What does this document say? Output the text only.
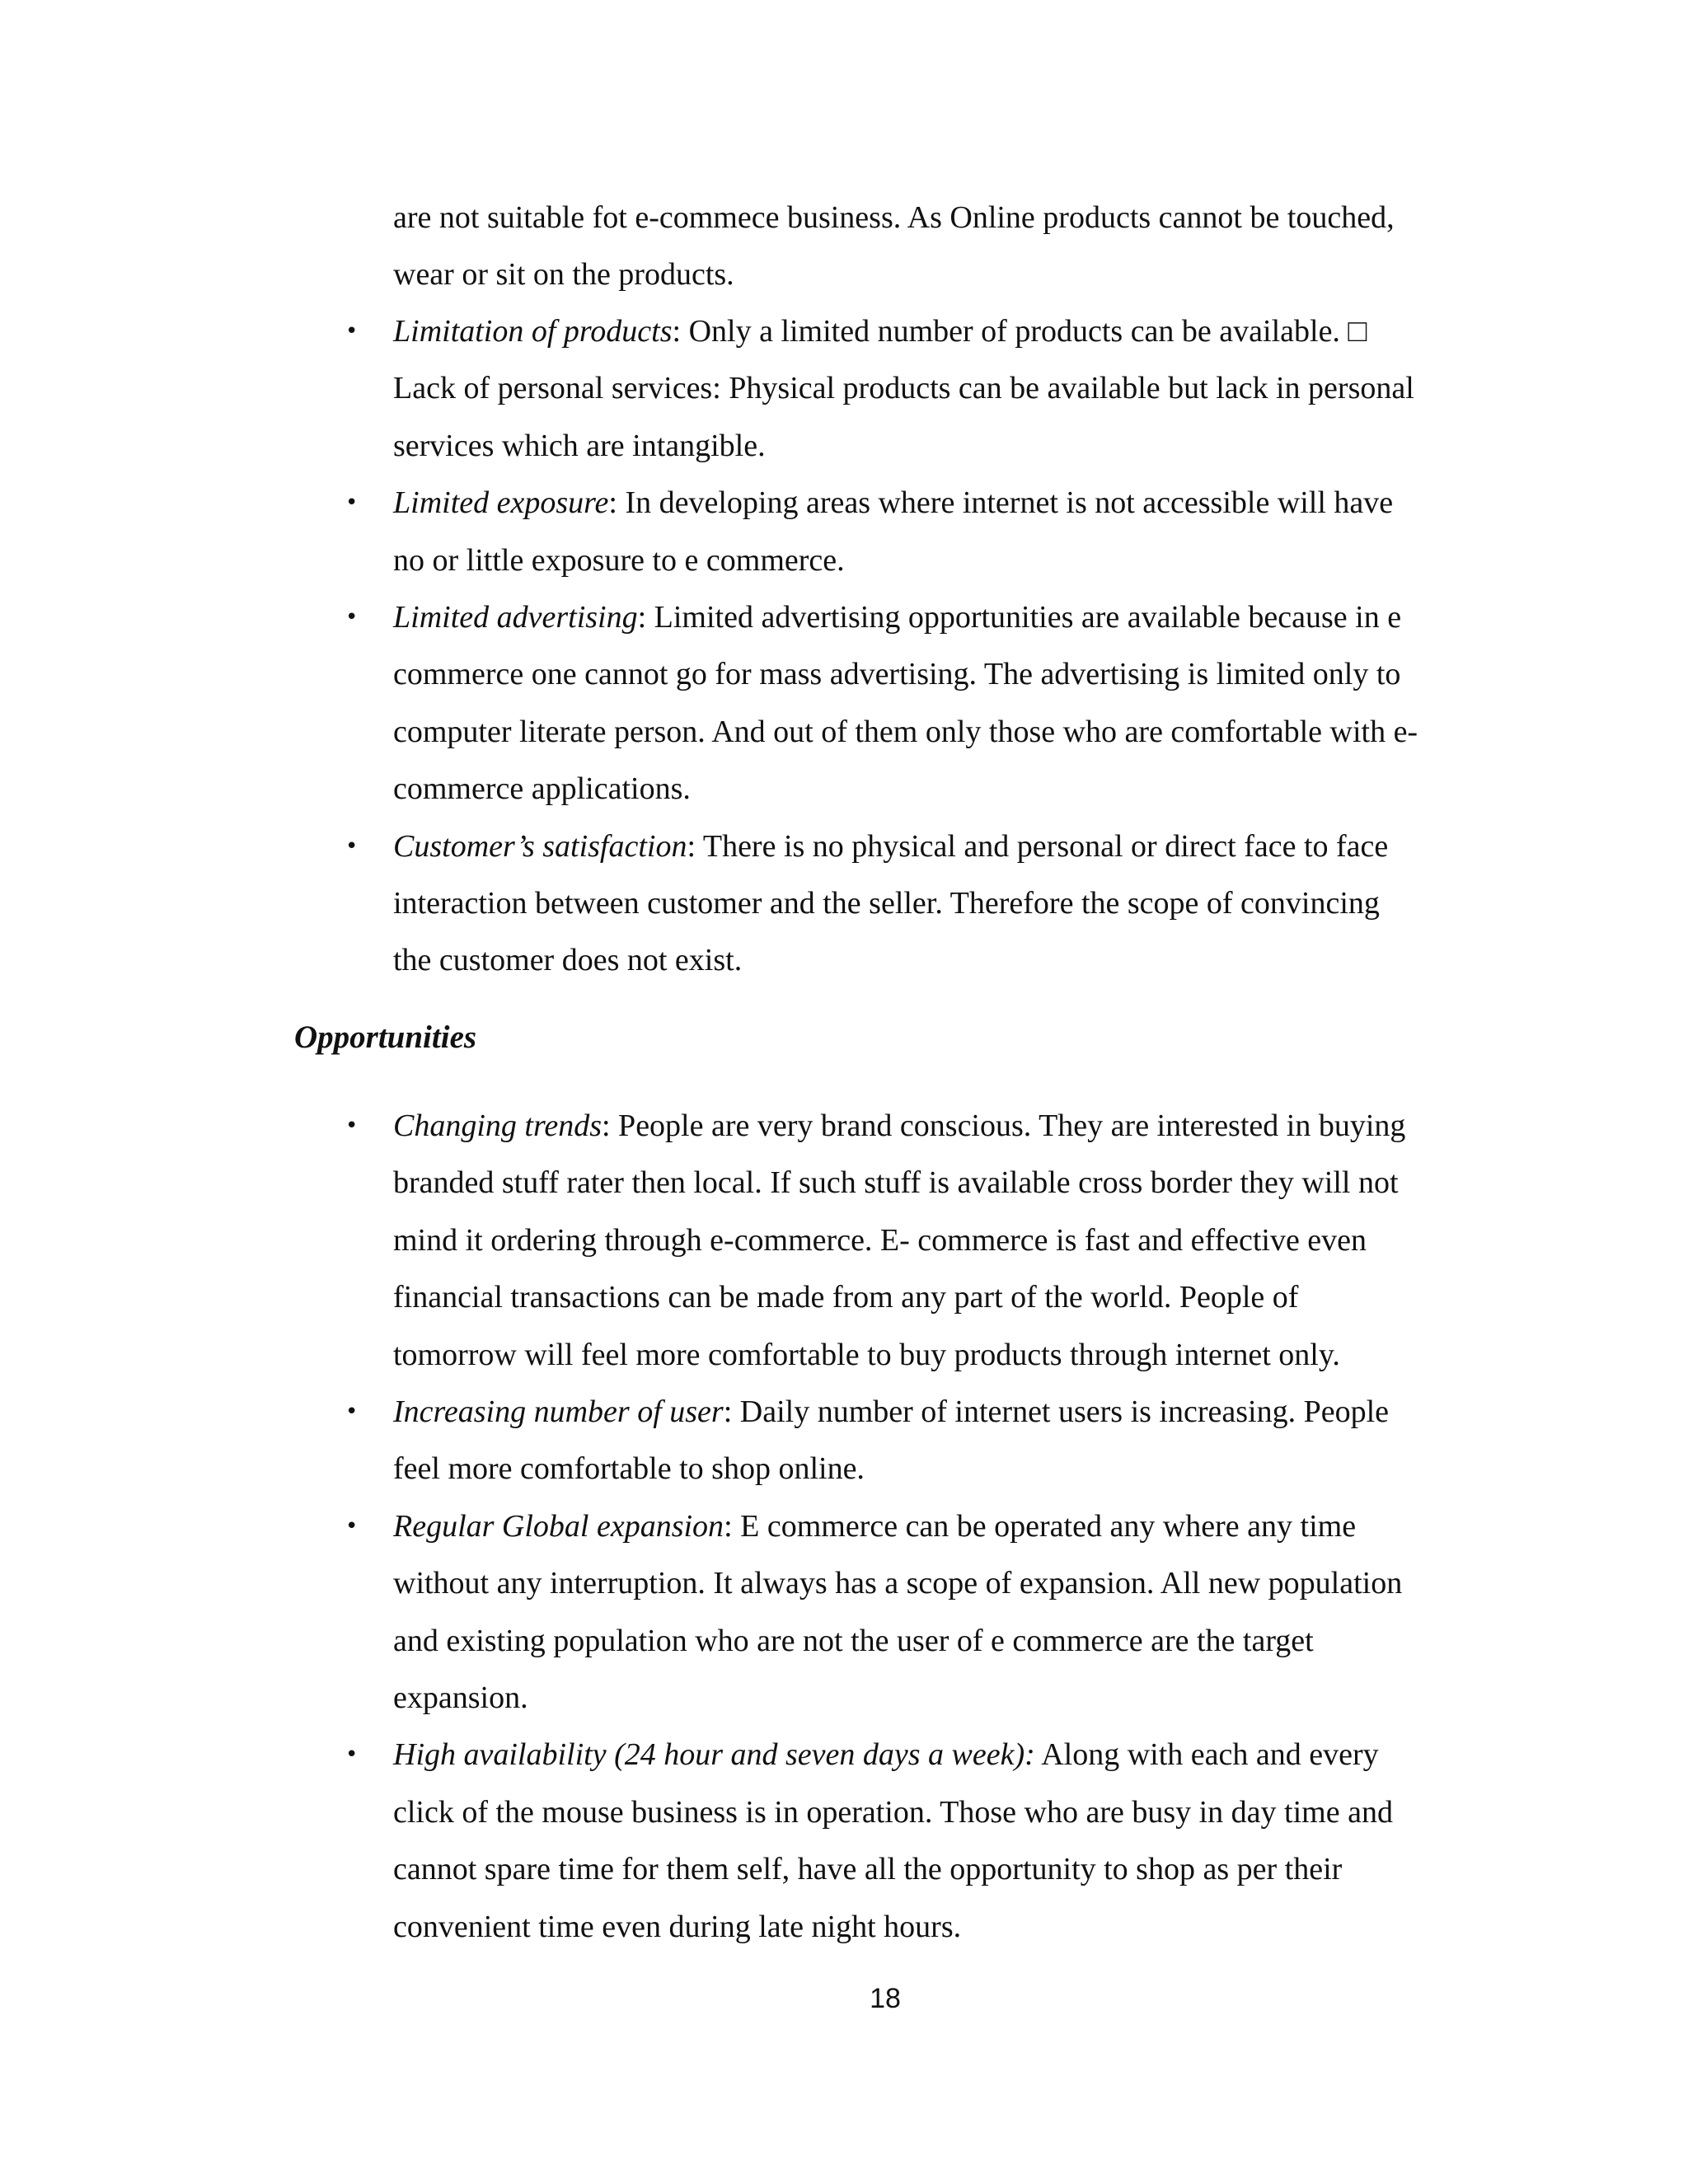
are not suitable fot e-commece business. As Online products cannot be touched,
wear or sit on the products.

• Limitation of products: Only a limited number of products can be available. □
Lack of personal services: Physical products can be available but lack in personal
services which are intangible.

• Limited exposure: In developing areas where internet is not accessible will have
no or little exposure to e commerce.

• Limited advertising: Limited advertising opportunities are available because in e
commerce one cannot go for mass advertising. The advertising is limited only to
computer literate person. And out of them only those who are comfortable with e-
commerce applications.

• Customer’s satisfaction: There is no physical and personal or direct face to face
interaction between customer and the seller. Therefore the scope of convincing
the customer does not exist.

Opportunities
• Changing trends: People are very brand conscious. They are interested in buying
branded stuff rater then local. If such stuff is available cross border they will not
mind it ordering through e-commerce. E- commerce is fast and effective even
financial transactions can be made from any part of the world. People of
tomorrow will feel more comfortable to buy products through internet only.

• Increasing number of user: Daily number of internet users is increasing. People
feel more comfortable to shop online.

• Regular Global expansion: E commerce can be operated any where any time
without any interruption. It always has a scope of expansion. All new population
and existing population who are not the user of e commerce are the target
expansion.

• High availability (24 hour and seven days a week): Along with each and every
click of the mouse business is in operation. Those who are busy in day time and
cannot spare time for them self, have all the opportunity to shop as per their
convenient time even during late night hours.

18
